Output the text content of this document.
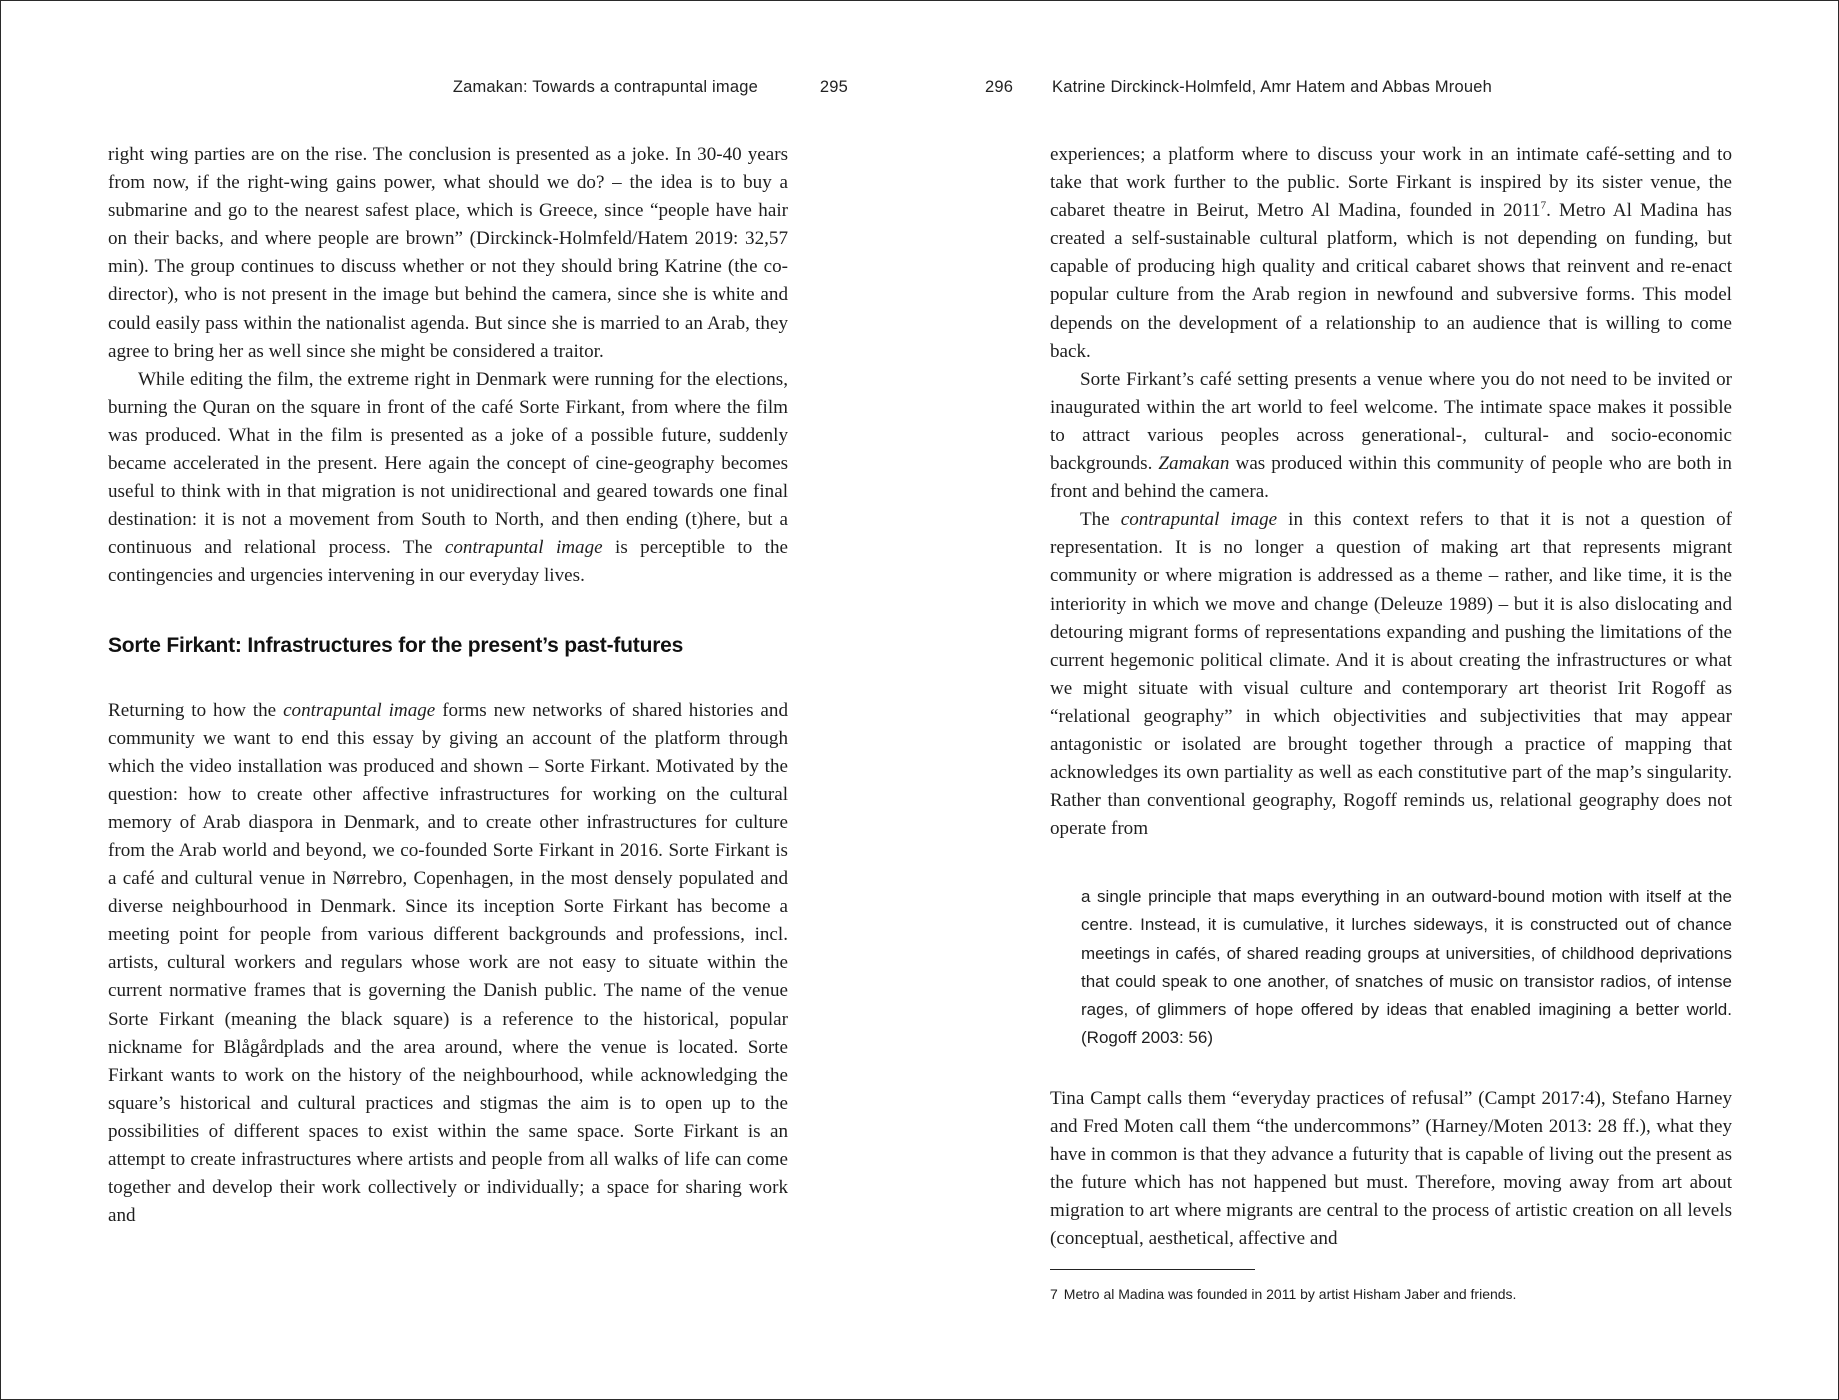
Zamakan: Towards a contrapuntal image	295

right wing parties are on the rise. The conclusion is presented as a joke. In 30-40 years from now, if the right-wing gains power, what should we do? – the idea is to buy a submarine and go to the nearest safest place, which is Greece, since “people have hair on their backs, and where people are brown” (Dirckinck-Holmfeld/Hatem 2019: 32,57 min). The group continues to discuss whether or not they should bring Katrine (the co-director), who is not present in the image but behind the camera, since she is white and could easily pass within the nationalist agenda. But since she is married to an Arab, they agree to bring her as well since she might be considered a traitor.

While editing the film, the extreme right in Denmark were running for the elections, burning the Quran on the square in front of the café Sorte Firkant, from where the film was produced. What in the film is presented as a joke of a possible future, suddenly became accelerated in the present. Here again the concept of cine-geography becomes useful to think with in that migration is not unidirectional and geared towards one final destination: it is not a movement from South to North, and then ending (t)here, but a continuous and relational process. The contrapuntal image is perceptible to the contingencies and urgencies intervening in our everyday lives.

Sorte Firkant: Infrastructures for the present’s past-futures

Returning to how the contrapuntal image forms new networks of shared histories and community we want to end this essay by giving an account of the platform through which the video installation was produced and shown – Sorte Firkant. Motivated by the question: how to create other affective infrastructures for working on the cultural memory of Arab diaspora in Denmark, and to create other infrastructures for culture from the Arab world and beyond, we co-founded Sorte Firkant in 2016. Sorte Firkant is a café and cultural venue in Nørrebro, Copenhagen, in the most densely populated and diverse neighbourhood in Denmark. Since its inception Sorte Firkant has become a meeting point for people from various different backgrounds and professions, incl. artists, cultural workers and regulars whose work are not easy to situate within the current normative frames that is governing the Danish public. The name of the venue Sorte Firkant (meaning the black square) is a reference to the historical, popular nickname for Blågårdplads and the area around, where the venue is located. Sorte Firkant wants to work on the history of the neighbourhood, while acknowledging the square’s historical and cultural practices and stigmas the aim is to open up to the possibilities of different spaces to exist within the same space. Sorte Firkant is an attempt to create infrastructures where artists and people from all walks of life can come together and develop their work collectively or individually; a space for sharing work and

296 Katrine Dirckinck-Holmfeld, Amr Hatem and Abbas Mroueh

experiences; a platform where to discuss your work in an intimate café-setting and to take that work further to the public. Sorte Firkant is inspired by its sister venue, the cabaret theatre in Beirut, Metro Al Madina, founded in 2011$^7$. Metro Al Madina has created a self-sustainable cultural platform, which is not depending on funding, but capable of producing high quality and critical cabaret shows that reinvent and re-enact popular culture from the Arab region in newfound and subversive forms. This model depends on the development of a relationship to an audience that is willing to come back.

Sorte Firkant’s café setting presents a venue where you do not need to be invited or inaugurated within the art world to feel welcome. The intimate space makes it possible to attract various peoples across generational-, cultural- and socio-economic backgrounds. Zamakan was produced within this community of people who are both in front and behind the camera.

The contrapuntal image in this context refers to that it is not a question of representation. It is no longer a question of making art that represents migrant community or where migration is addressed as a theme – rather, and like time, it is the interiority in which we move and change (Deleuze 1989) – but it is also dislocating and detouring migrant forms of representations expanding and pushing the limitations of the current hegemonic political climate. And it is about creating the infrastructures or what we might situate with visual culture and contemporary art theorist Irit Rogoff as “relational geography” in which objectivities and subjectivities that may appear antagonistic or isolated are brought together through a practice of mapping that acknowledges its own partiality as well as each constitutive part of the map’s singularity. Rather than conventional geography, Rogoff reminds us, relational geography does not operate from

a single principle that maps everything in an outward-bound motion with itself at the centre. Instead, it is cumulative, it lurches sideways, it is constructed out of chance meetings in cafés, of shared reading groups at universities, of childhood deprivations that could speak to one another, of snatches of music on transistor radios, of intense rages, of glimmers of hope offered by ideas that enabled imagining a better world. (Rogoff 2003: 56)

Tina Campt calls them “everyday practices of refusal” (Campt 2017:4), Stefano Harney and Fred Moten call them “the undercommons” (Harney/Moten 2013: 28 ff.), what they have in common is that they advance a futurity that is capable of living out the present as the future which has not happened but must. Therefore, moving away from art about migration to art where migrants are central to the process of artistic creation on all levels (conceptual, aesthetical, affective and

7 Metro al Madina was founded in 2011 by artist Hisham Jaber and friends.
